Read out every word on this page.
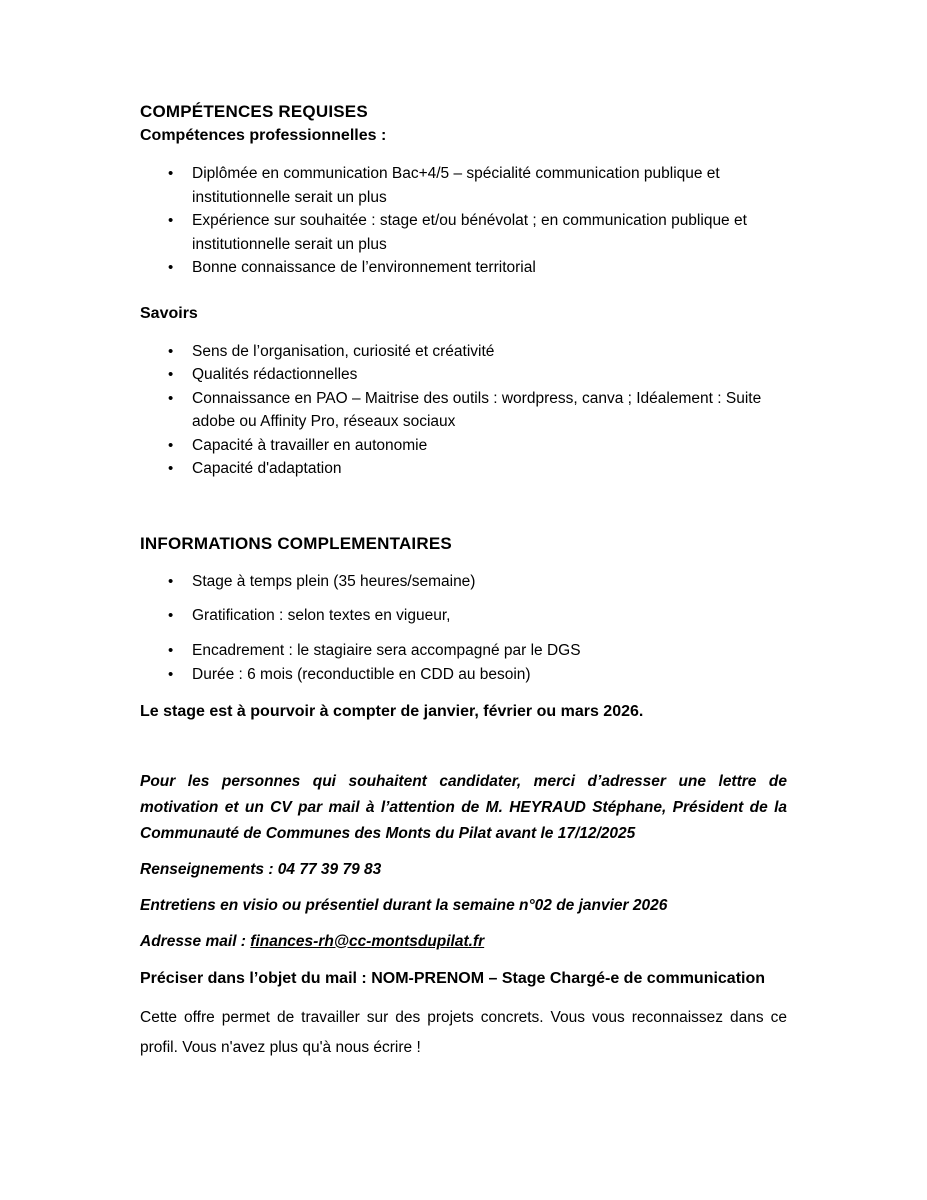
COMPÉTENCES REQUISES

Compétences professionnelles :

• Diplômée en communication Bac+4/5 – spécialité communication publique et institutionnelle serait un plus
• Expérience sur souhaitée : stage et/ou bénévolat ; en communication publique et institutionnelle serait un plus
• Bonne connaissance de l’environnement territorial
Savoirs
• Sens de l’organisation, curiosité et créativité
• Qualités rédactionnelles
• Connaissance en PAO – Maitrise des outils : wordpress, canva ; Idéalement : Suite adobe ou Affinity Pro, réseaux sociaux
• Capacité à travailler en autonomie
• Capacité d'adaptation
INFORMATIONS COMPLEMENTAIRES
• Stage à temps plein (35 heures/semaine)
• Gratification : selon textes en vigueur,
• Encadrement : le stagiaire sera accompagné par le DGS
• Durée : 6 mois (reconductible en CDD au besoin)

Le stage est à pourvoir à compter de janvier, février ou mars 2026.

Pour les personnes qui souhaitent candidater, merci d’adresser une lettre de motivation et un CV par mail à l’attention de M. HEYRAUD Stéphane, Président de la Communauté de Communes des Monts du Pilat avant le 17/12/2025

Renseignements : 04 77 39 79 83

Entretiens en visio ou présentiel durant la semaine n°02 de janvier 2026

Adresse mail : finances-rh@cc-montsdupilat.fr

Préciser dans l’objet du mail : NOM-PRENOM – Stage Chargé-e de communication

Cette offre permet de travailler sur des projets concrets. Vous vous reconnaissez dans ce profil. Vous n'avez plus qu'à nous écrire !
